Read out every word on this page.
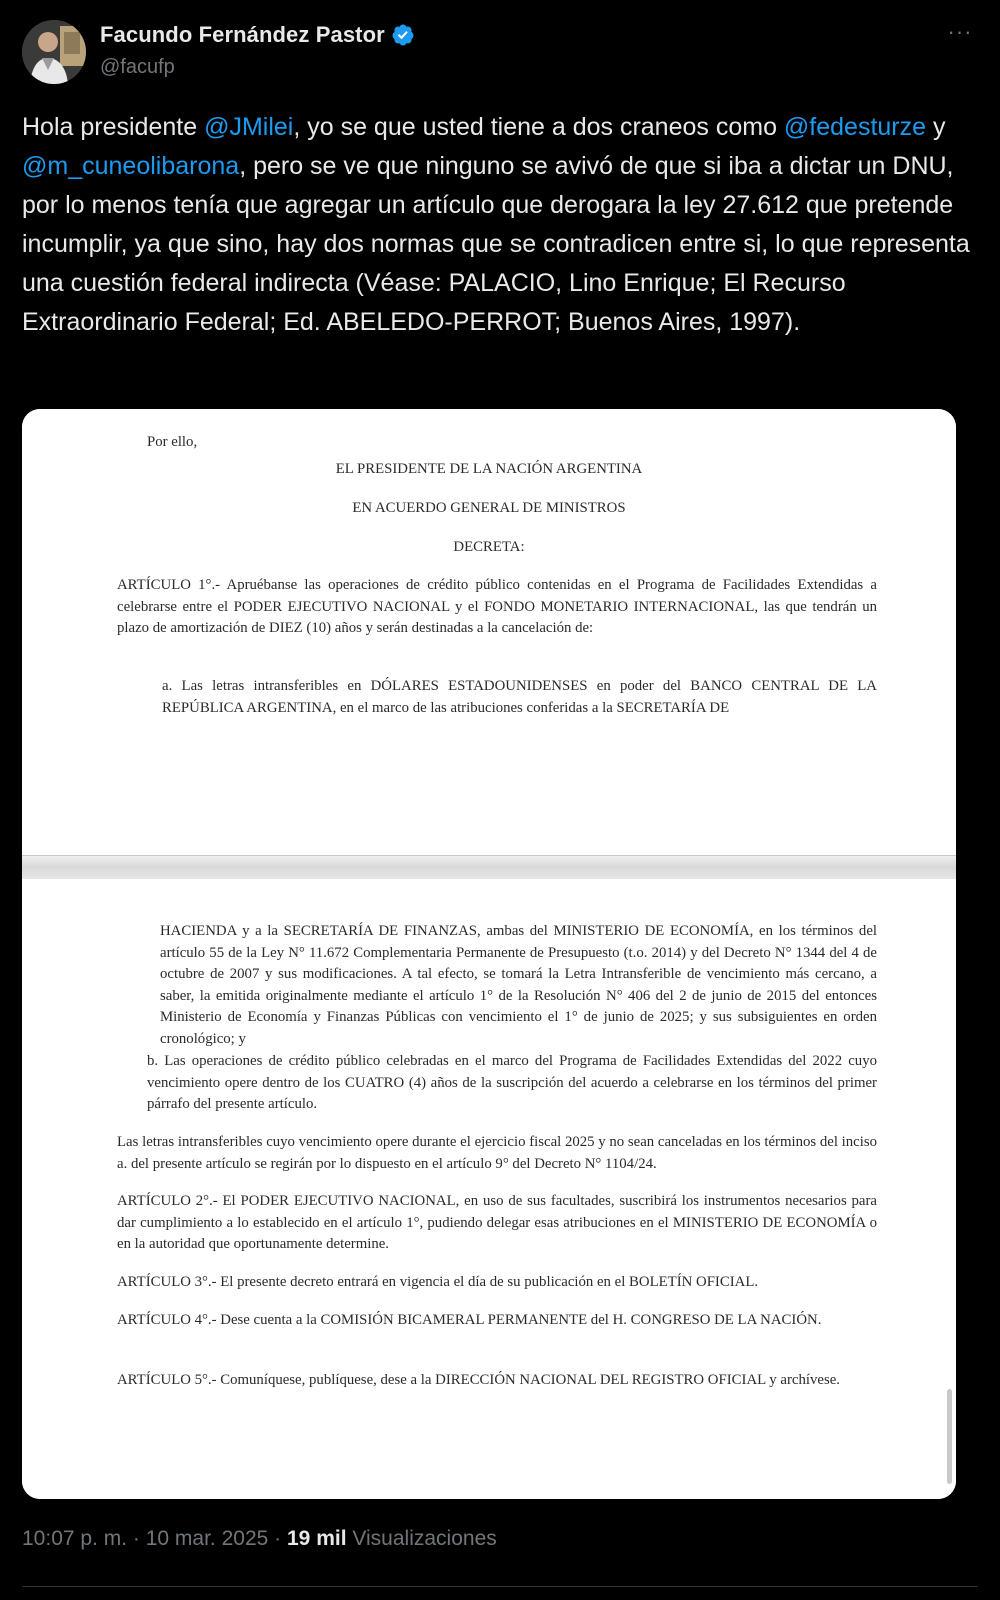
Facundo Fernández Pastor
@facufp
···

Hola presidente @JMilei, yo se que usted tiene a dos craneos como @fedesturze y @m_cuneolibarona, pero se ve que ninguno se avivó de que si iba a dictar un DNU, por lo menos tenía que agregar un artículo que derogara la ley 27.612 que pretende incumplir, ya que sino, hay dos normas que se contradicen entre si, lo que representa una cuestión federal indirecta (Véase: PALACIO, Lino Enrique; El Recurso Extraordinario Federal; Ed. ABELEDO-PERROT; Buenos Aires, 1997).

Por ello,
EL PRESIDENTE DE LA NACIÓN ARGENTINA
EN ACUERDO GENERAL DE MINISTROS
DECRETA:

ARTÍCULO 1°.- Apruébanse las operaciones de crédito público contenidas en el Programa de Facilidades Extendidas a celebrarse entre el PODER EJECUTIVO NACIONAL y el FONDO MONETARIO INTERNACIONAL, las que tendrán un plazo de amortización de DIEZ (10) años y serán destinadas a la cancelación de:

a. Las letras intransferibles en DÓLARES ESTADOUNIDENSES en poder del BANCO CENTRAL DE LA REPÚBLICA ARGENTINA, en el marco de las atribuciones conferidas a la SECRETARÍA DE

HACIENDA y a la SECRETARÍA DE FINANZAS, ambas del MINISTERIO DE ECONOMÍA, en los términos del artículo 55 de la Ley N° 11.672 Complementaria Permanente de Presupuesto (t.o. 2014) y del Decreto N° 1344 del 4 de octubre de 2007 y sus modificaciones. A tal efecto, se tomará la Letra Intransferible de vencimiento más cercano, a saber, la emitida originalmente mediante el artículo 1° de la Resolución N° 406 del 2 de junio de 2015 del entonces Ministerio de Economía y Finanzas Públicas con vencimiento el 1° de junio de 2025; y sus subsiguientes en orden cronológico; y

b. Las operaciones de crédito público celebradas en el marco del Programa de Facilidades Extendidas del 2022 cuyo vencimiento opere dentro de los CUATRO (4) años de la suscripción del acuerdo a celebrarse en los términos del primer párrafo del presente artículo.

Las letras intransferibles cuyo vencimiento opere durante el ejercicio fiscal 2025 y no sean canceladas en los términos del inciso a. del presente artículo se regirán por lo dispuesto en el artículo 9° del Decreto N° 1104/24.

ARTÍCULO 2°.- El PODER EJECUTIVO NACIONAL, en uso de sus facultades, suscribirá los instrumentos necesarios para dar cumplimiento a lo establecido en el artículo 1°, pudiendo delegar esas atribuciones en el MINISTERIO DE ECONOMÍA o en la autoridad que oportunamente determine.

ARTÍCULO 3°.- El presente decreto entrará en vigencia el día de su publicación en el BOLETÍN OFICIAL.

ARTÍCULO 4°.- Dese cuenta a la COMISIÓN BICAMERAL PERMANENTE del H. CONGRESO DE LA NACIÓN.

ARTÍCULO 5°.- Comuníquese, publíquese, dese a la DIRECCIÓN NACIONAL DEL REGISTRO OFICIAL y archívese.

10:07 p. m. · 10 mar. 2025 · 19 mil Visualizaciones
